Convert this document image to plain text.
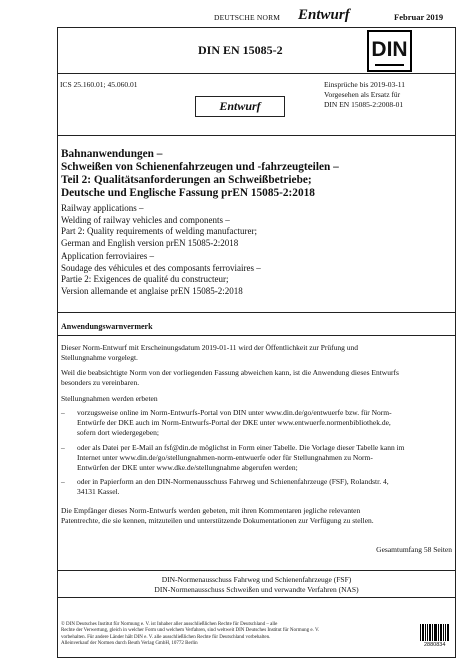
DEUTSCHE NORM Entwurf	Februar 2019
DIN EN 15085-2	DIN
ICS 25.160.01; 45.060.01	Einsprüche bis 2019-03-11
Vorgesehen als Ersatz für
DIN EN 15085-2:2008-01
Entwurf
Bahnanwendungen –
Schweißen von Schienenfahrzeugen und -fahrzeugteilen –
Teil 2: Qualitätsanforderungen an Schweißbetriebe;
Deutsche und Englische Fassung prEN 15085-2:2018
Railway applications –
Welding of railway vehicles and components –
Part 2: Quality requirements of welding manufacturer;
German and English version prEN 15085-2:2018
Application ferroviaires –
Soudage des véhicules et des composants ferroviaires –
Partie 2: Exigences de qualité du constructeur;
Version allemande et anglaise prEN 15085-2:2018
Anwendungswarnvermerk
Dieser Norm-Entwurf mit Erscheinungsdatum 2019-01-11 wird der Öffentlichkeit zur Prüfung und
Stellungnahme vorgelegt.
Weil die beabsichtigte Norm von der vorliegenden Fassung abweichen kann, ist die Anwendung dieses Entwurfs
besonders zu vereinbaren.
Stellungnahmen werden erbeten
– vorzugsweise online im Norm-Entwurfs-Portal von DIN unter www.din.de/go/entwuerfe bzw. für Norm-
Entwürfe der DKE auch im Norm-Entwurfs-Portal der DKE unter www.entwuerfe.normenbibliothek.de,
sofern dort wiedergegeben;
– oder als Datei per E-Mail an fsf@din.de möglichst in Form einer Tabelle. Die Vorlage dieser Tabelle kann im
Internet unter www.din.de/go/stellungnahmen-norm-entwuerfe oder für Stellungnahmen zu Norm-
Entwürfen der DKE unter www.dke.de/stellungnahme abgerufen werden;
– oder in Papierform an den DIN-Normenausschuss Fahrweg und Schienenfahrzeuge (FSF), Rolandstr. 4,
34131 Kassel.
Die Empfänger dieses Norm-Entwurfs werden gebeten, mit ihren Kommentaren jegliche relevanten
Patentrechte, die sie kennen, mitzuteilen und unterstützende Dokumentationen zur Verfügung zu stellen.
Gesamtumfang 58 Seiten
DIN-Normenausschuss Fahrweg und Schienenfahrzeuge (FSF)
DIN-Normenausschuss Schweißen und verwandte Verfahren (NAS)
© DIN Deutsches Institut für Normung e. V. ist Inhaber aller ausschließlichen Rechte für Deutschland – alle
Rechte der Verwertung, gleich in welcher Form und welchem Verfahren, sind weltweit DIN Deutsches Institut für Normung e. V.
vorbehalten. Für andere Länder hält DIN e. V. alle ausschließlichen Rechte für Deutschland vorbehalten.
Alleinverkauf der Normen durch Beuth Verlag GmbH, 10772 Berlin	2880834
